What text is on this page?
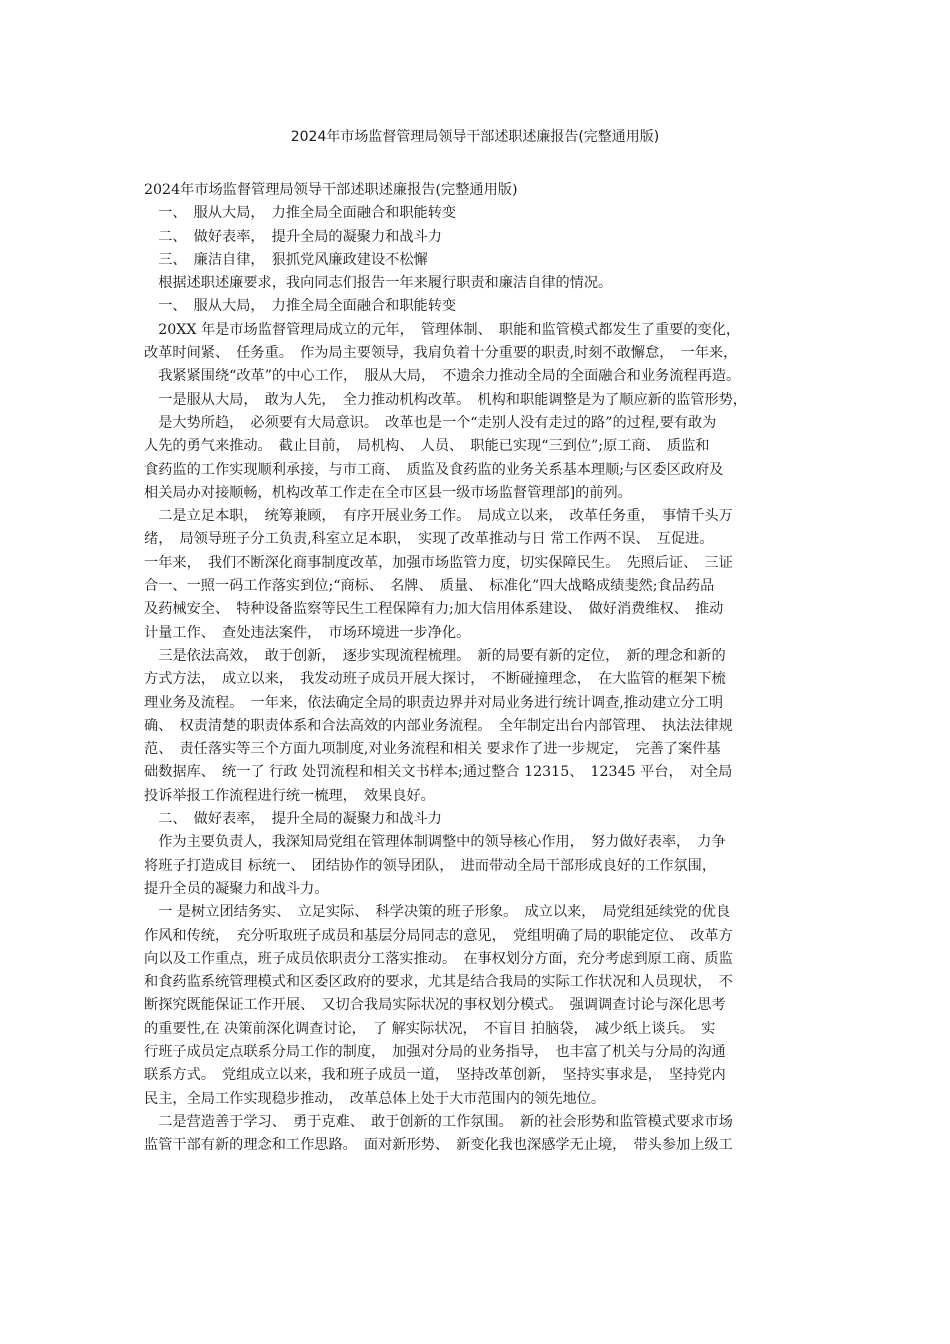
2024年市场监督管理局领导干部述职述廉报告(完整通用版)
2024年市场监督管理局领导干部述职述廉报告(完整通用版)
　一、　服从大局，　力推全局全面融合和职能转变
　二、　做好表率，　提升全局的凝聚力和战斗力
　三、　廉洁自律，　狠抓党风廉政建设不松懈
　根据述职述廉要求，我向同志们报告一年来履行职责和廉洁自律的情况。
　一、　服从大局，　力推全局全面融合和职能转变
　20XX 年是市场监督管理局成立的元年，　管理体制、　职能和监管模式都发生了重要的变化，
改革时间紧、　任务重。　作为局主要领导，我肩负着十分重要的职责,时刻不敢懈怠，　一年来，
　我紧紧围绕“改革”的中心工作，　服从大局，　不遗余力推动全局的全面融合和业务流程再造。
　一是服从大局，　敢为人先，　全力推动机构改革。　机构和职能调整是为了顺应新的监管形势，
　是大势所趋，　必须要有大局意识。　改革也是一个“走别人没有走过的路”的过程,要有敢为
人先的勇气来推动。　截止目前，　局机构、　人员、　职能已实现“三到位”;原工商、　质监和
食药监的工作实现顺利承接，与市工商、　质监及食药监的业务关系基本理顺;与区委区政府及
相关局办对接顺畅，机构改革工作走在全市区县一级市场监督管理部]的前列。
　二是立足本职，　统筹兼顾，　有序开展业务工作。　局成立以来，　改革任务重，　事情千头万
绪，　局领导班子分工负责,科室立足本职，　实现了改革推动与日 常工作两不误、　互促进。
一年来，　我们不断深化商事制度改革，加强市场监管力度，切实保障民生。　先照后证、　三证
合一、一照一码工作落实到位;“商标、　名牌、　质量、　标准化”四大战略成绩斐然;食品药品
及药械安全、　特种设备监察等民生工程保障有力;加大信用体系建设、　做好消费维权、　推动
计量工作、　查处违法案件，　市场环境进一步净化。
　三是依法高效，　敢于创新，　逐步实现流程梳理。　新的局要有新的定位，　新的理念和新的
方式方法，　成立以来，　我发动班子成员开展大探讨，　不断碰撞理念，　在大监管的框架下梳
理业务及流程。　一年来，依法确定全局的职责边界并对局业务进行统计调查,推动建立分工明
确、　权责清楚的职责体系和合法高效的内部业务流程。　全年制定出台内部管理、　执法法律规
范、　责任落实等三个方面九项制度,对业务流程和相关 要求作了进一步规定，　完善了案件基
础数据库、　统一了 行政 处罚流程和相关文书样本;通过整合 12315、　12345 平台，　对全局
投诉举报工作流程进行统一梳理，　效果良好。
　二、　做好表率，　提升全局的凝聚力和战斗力
　作为主要负责人，我深知局党组在管理体制调整中的领导核心作用，　努力做好表率，　力争
将班子打造成目 标统一、　团结协作的领导团队，　进而带动全局干部形成良好的工作氛围，
提升全员的凝聚力和战斗力。
　一 是树立团结务实、　立足实际、　科学决策的班子形象。　成立以来，　局党组延续党的优良
作风和传统，　充分听取班子成员和基层分局同志的意见，　党组明确了局的职能定位、　改革方
向以及工作重点，班子成员依职责分工落实推动。　在事权划分方面，充分考虑到原工商、质监
和食药监系统管理模式和区委区政府的要求，尤其是结合我局的实际工作状况和人员现状，　不
断探究既能保证工作开展、　又切合我局实际状况的事权划分模式。　强调调查讨论与深化思考
的重要性,在 决策前深化调查讨论，　了 解实际状况，　不盲目 拍脑袋，　减少纸上谈兵。　实
行班子成员定点联系分局工作的制度，　加强对分局的业务指导，　也丰富了机关与分局的沟通
联系方式。　党组成立以来，我和班子成员一道，　坚持改革创新，　坚持实事求是，　坚持党内
民主，全局工作实现稳步推动，　改革总体上处于大市范围内的领先地位。
　二是营造善于学习、　勇于克难、　敢于创新的工作氛围。　新的社会形势和监管模式要求市场
监管干部有新的理念和工作思路。　面对新形势、　新变化我也深感学无止境，　带头参加上级工
